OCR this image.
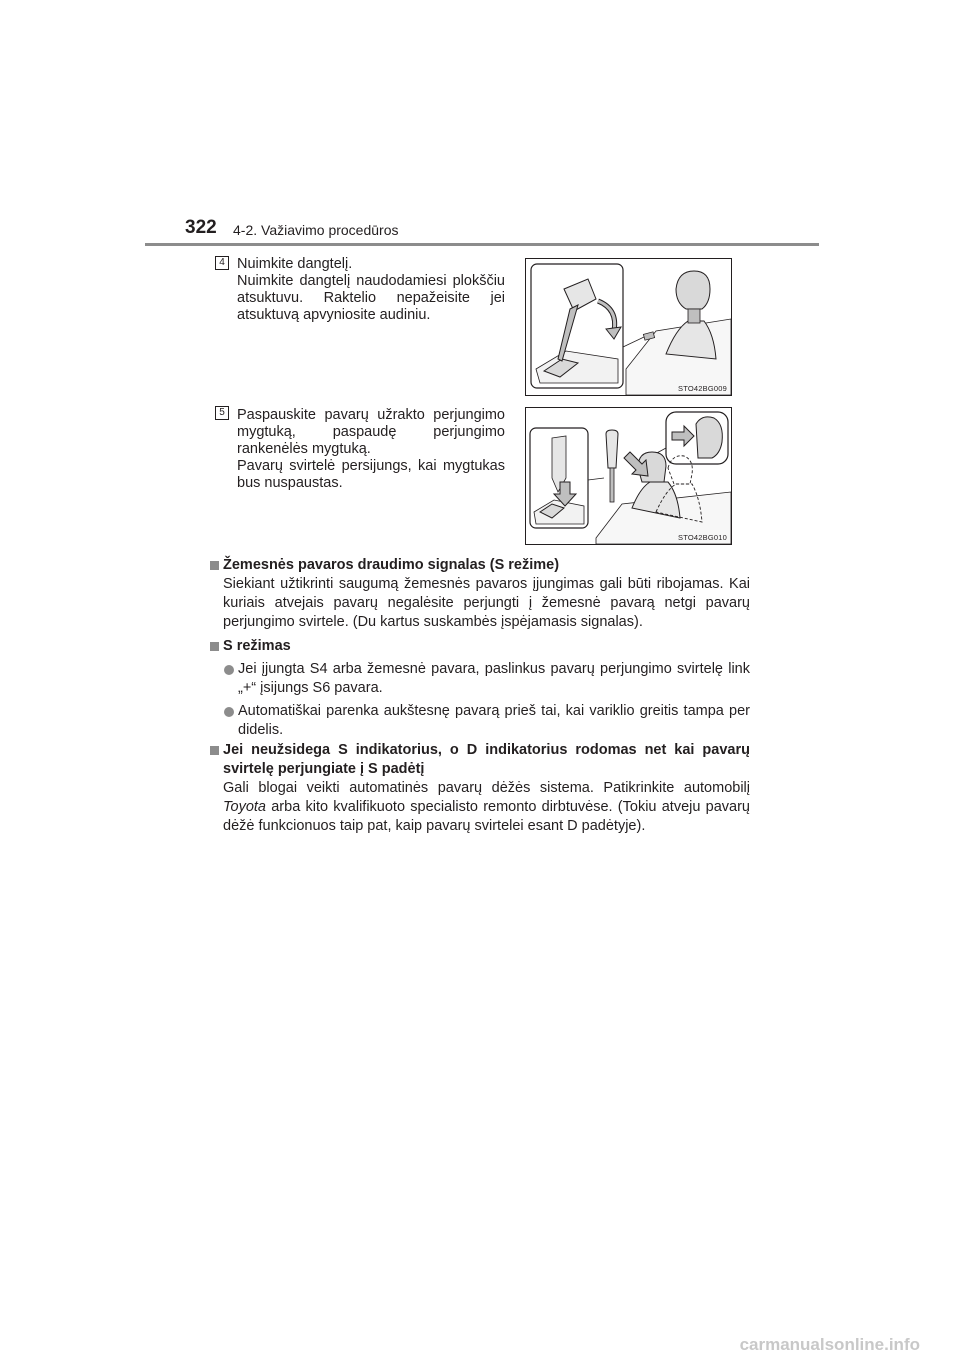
322 4-2. Važiavimo procedūros
4 Nuimkite dangtelį.

Nuimkite dangtelį naudodamiesi plokščiu atsuktuvu. Raktelio nepažeisite jei atsuktuvą apvyniosite audiniu.

STO42BG009
5 Paspauskite pavarų užrakto perjungimo mygtuką, paspaudę perjungimo rankenėlės mygtuką.

Pavarų svirtelė persijungs, kai mygtukas bus nuspaustas.

STO42BG010
Žemesnės pavaros draudimo signalas (S režime)

Siekiant užtikrinti saugumą žemesnės pavaros įjungimas gali būti ribojamas. Kai kuriais atvejais pavarų negalėsite perjungti į žemesnė pavarą netgi pavarų perjungimo svirtele. (Du kartus suskambės įspėjamasis signalas).

S režimas
Jei įjungta S4 arba žemesnė pavara, paslinkus pavarų perjungimo svirtelę link „+“ įsijungs S6 pavara.
Automatiškai parenka aukštesnę pavarą prieš tai, kai variklio greitis tampa per didelis.
Jei neužsidega S indikatorius, o D indikatorius rodomas net kai pavarų svirtelę perjungiate į S padėtį

Gali blogai veikti automatinės pavarų dėžės sistema. Patikrinkite automobilį Toyota arba kito kvalifikuoto specialisto remonto dirbtuvėse. (Tokiu atveju pavarų dėžė funkcionuos taip pat, kaip pavarų svirtelei esant D padėtyje).

carmanualsonline.info
